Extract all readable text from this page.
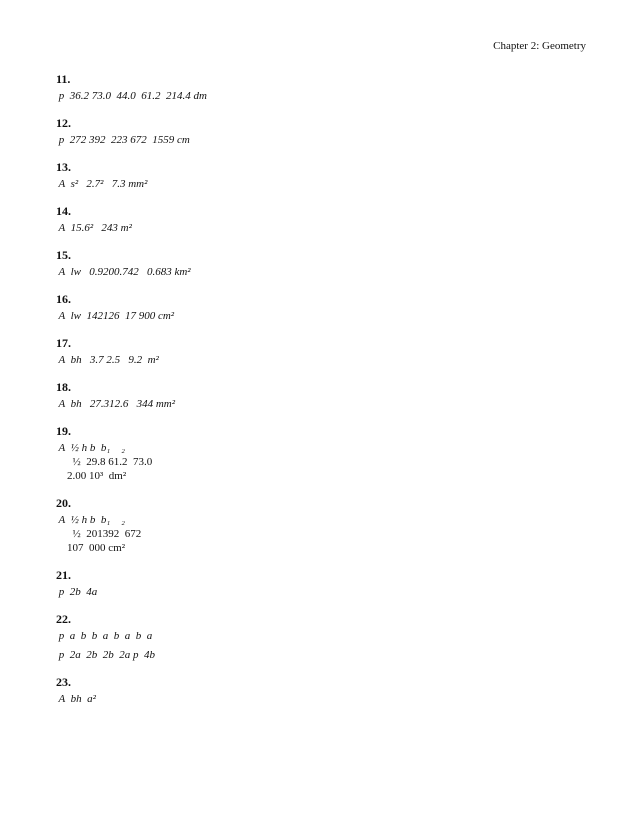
Chapter 2: Geometry
11.
p  36.2 73.0  44.0  61.2  214.4 dm
12.
p  272 392  223 672  1559 cm
13.
A  s²   2.7²   7.3 mm²
14.
A  15.6²   243 m²
15.
A  lw   0.9200.742   0.683 km²
16.
A  lw  142126  17 900 cm²
17.
A  bh   3.7 2.5   9.2  m²
18.
A  bh   27.312.6   344 mm²
19.
A  ½ h b  b₁    ₂
½  29.8 61.2  73.0
2.00 10³  dm²
20.
A  ½ h b  b₁    ₂
½  201392  672
107  000 cm²
21.
p  2b  4a
22.
p  a  b  b  a  b  a  b  a
p  2a  2b  2b  2a p  4b
23.
A  bh  a²
